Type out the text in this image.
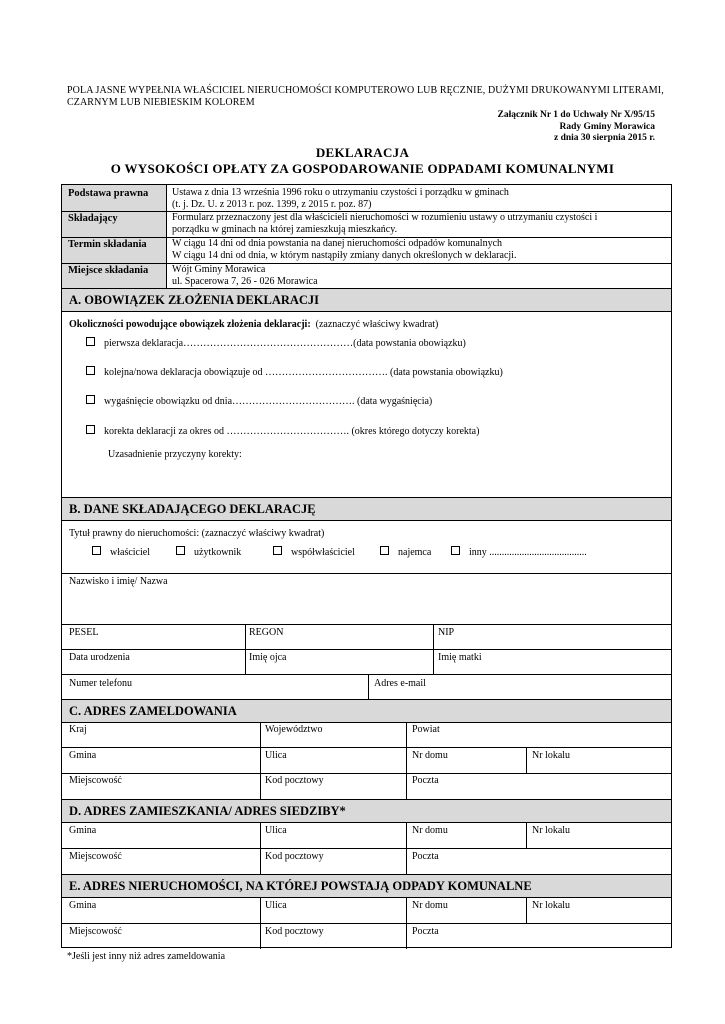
POLA JASNE WYPEŁNIA WŁAŚCICIEL NIERUCHOMOŚCI KOMPUTEROWO LUB RĘCZNIE, DUŻYMI DRUKOWANYMI LITERAMI, CZARNYM LUB NIEBIESKIM KOLOREM
Załącznik Nr 1 do Uchwały Nr X/95/15
Rady Gminy Morawica
z dnia 30 sierpnia 2015 r.
DEKLARACJA
O WYSOKOŚCI OPŁATY ZA GOSPODAROWANIE ODPADAMI KOMUNALNYMI
Podstawa prawna Ustawa z dnia 13 września 1996 roku o utrzymaniu czystości i porządku w gminach
(t. j. Dz. U. z 2013 r. poz. 1399, z 2015 r. poz. 87)
Składający	Formularz przeznaczony jest dla właścicieli nieruchomości w rozumieniu ustawy o utrzymaniu czystości i
porządku w gminach na której zamieszkują mieszkańcy.
Termin składania	W ciągu 14 dni od dnia powstania na danej nieruchomości odpadów komunalnych
W ciągu 14 dni od dnia, w którym nastąpiły zmiany danych określonych w deklaracji.
Miejsce składania Wójt Gminy Morawica
ul. Spacerowa 7, 26 - 026 Morawica
A. OBOWIĄZEK ZŁOŻENIA DEKLARACJI
Okoliczności powodujące obowiązek złożenia deklaracji: (zaznaczyć właściwy kwadrat)
pierwsza deklaracja……………………………………………(data powstania obowiązku)
kolejna/nowa deklaracja obowiązuje od ………………………………. (data powstania obowiązku)
wygaśnięcie obowiązku od dnia………………………………. (data wygaśnięcia)
korekta deklaracji za okres od ………………………………. (okres którego dotyczy korekta)
Uzasadnienie przyczyny korekty:
B. DANE SKŁADAJĄCEGO DEKLARACJĘ
Tytuł prawny do nieruchomości: (zaznaczyć właściwy kwadrat)
właściciel	użytkownik	współwłaściciel	najemca	inny .......................................
Nazwisko i imię/ Nazwa
PESEL	REGON	NIP
Data urodzenia	Imię ojca	Imię matki
Numer telefonu	Adres e-mail
C. ADRES ZAMELDOWANIA
Kraj	Województwo	Powiat
Gmina	Ulica	Nr domu	Nr lokalu
Miejscowość	Kod pocztowy	Poczta
D. ADRES ZAMIESZKANIA/ ADRES SIEDZIBY*
Gmina	Ulica	Nr domu	Nr lokalu
Miejscowość	Kod pocztowy	Poczta
E. ADRES NIERUCHOMOŚCI, NA KTÓREJ POWSTAJĄ ODPADY KOMUNALNE
Gmina	Ulica	Nr domu	Nr lokalu
Miejscowość	Kod pocztowy	Poczta
*Jeśli jest inny niż adres zameldowania
